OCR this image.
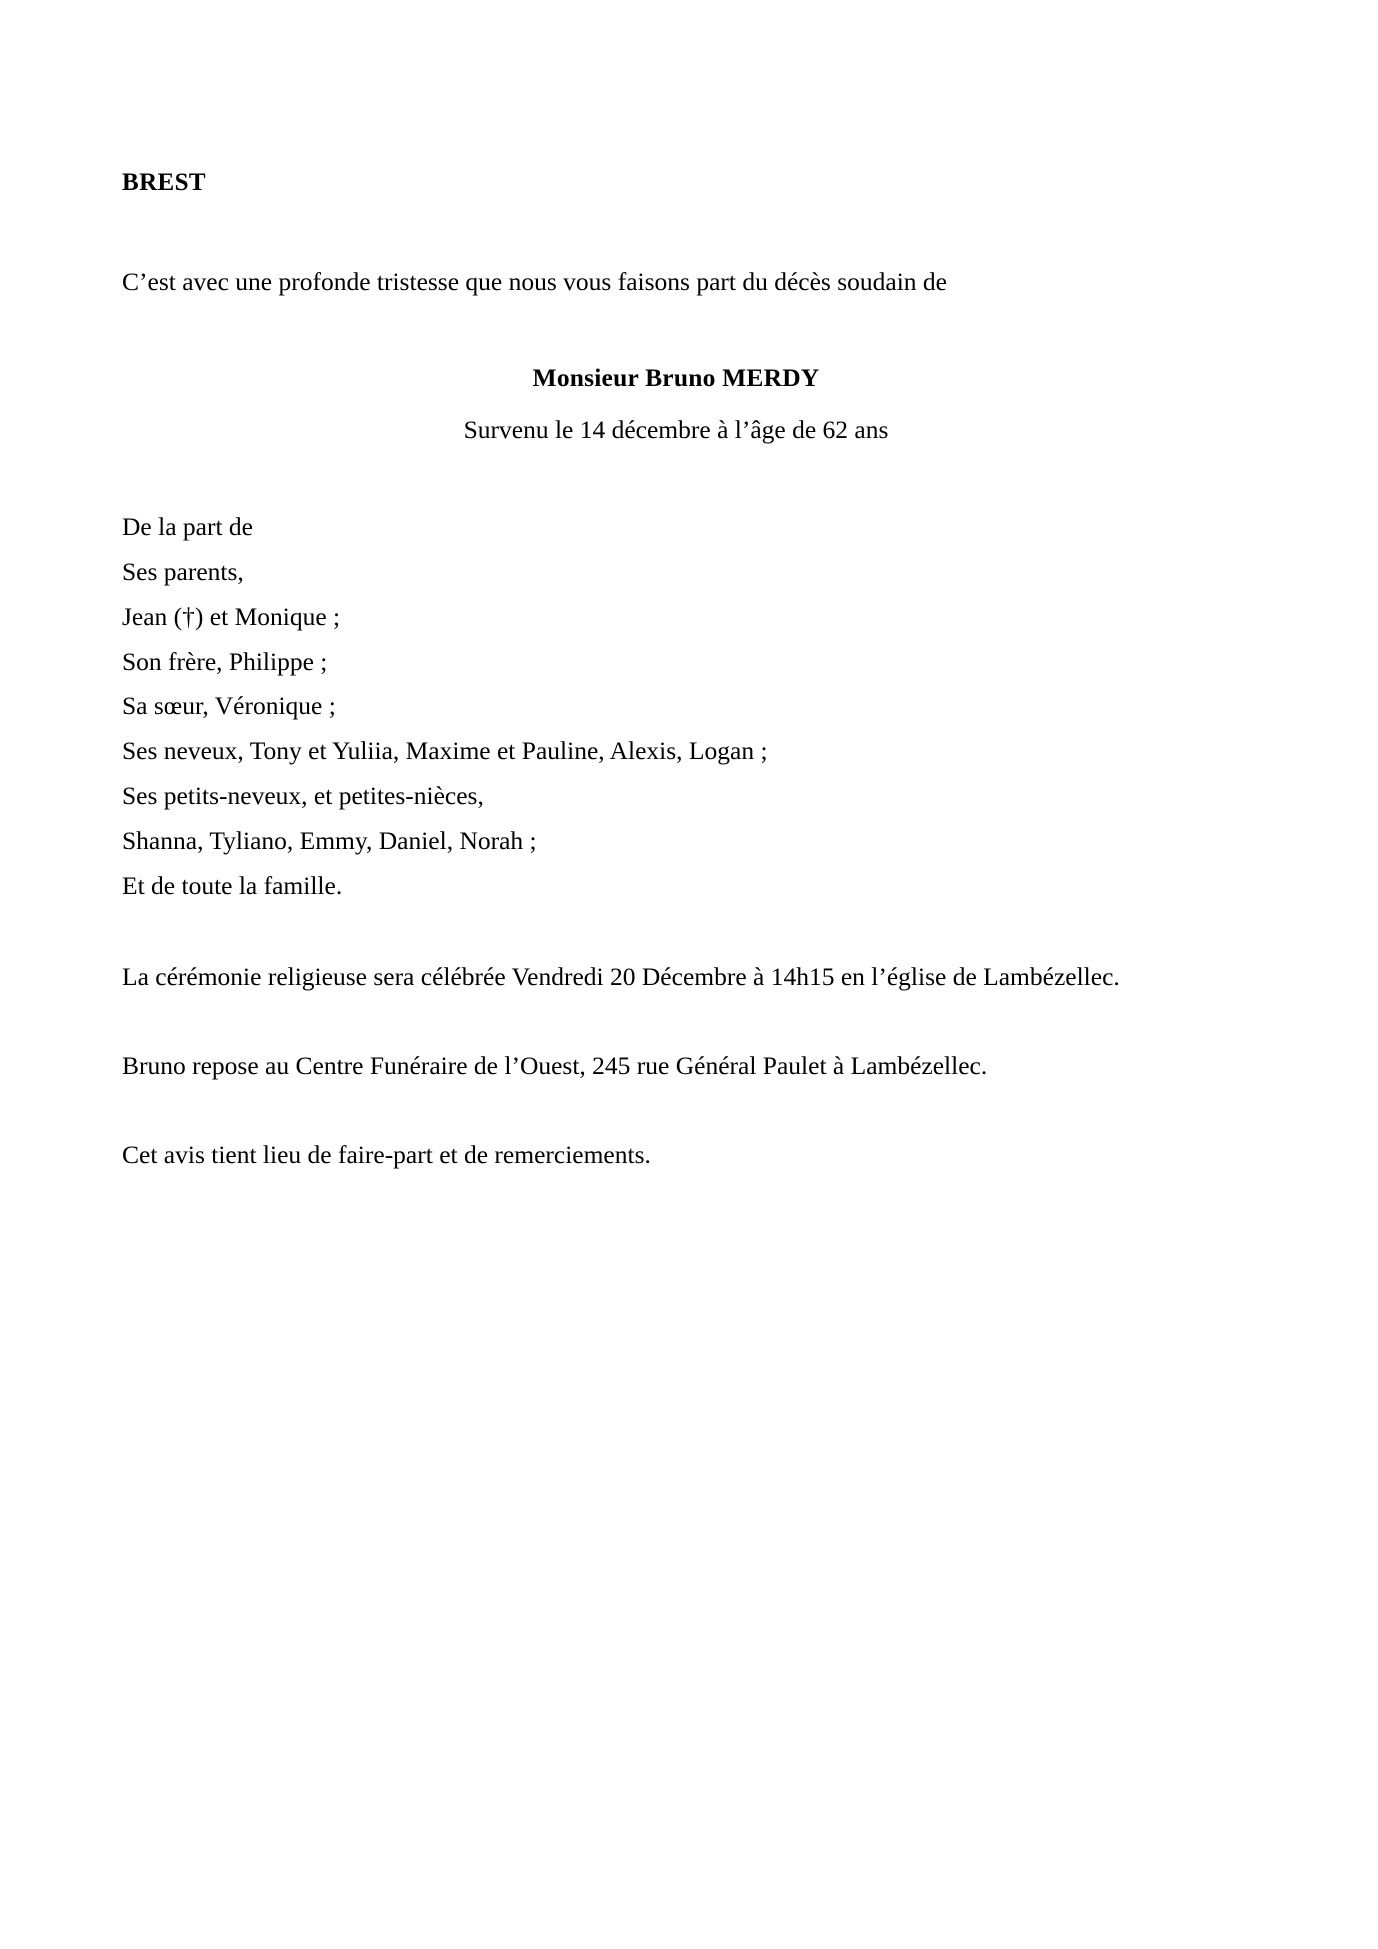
BREST

C’est avec une profonde tristesse que nous vous faisons part du décès soudain de

Monsieur Bruno MERDY

Survenu le 14 décembre à l’âge de 62 ans

De la part de

Ses parents,

Jean (†) et Monique ;

Son frère, Philippe ;

Sa sœur, Véronique ;

Ses neveux, Tony et Yuliia, Maxime et Pauline, Alexis, Logan ;

Ses petits-neveux, et petites-nièces,

Shanna, Tyliano, Emmy, Daniel, Norah ;

Et de toute la famille.

La cérémonie religieuse sera célébrée Vendredi 20 Décembre à 14h15 en l’église de Lambézellec.

Bruno repose au Centre Funéraire de l’Ouest, 245 rue Général Paulet à Lambézellec.

Cet avis tient lieu de faire-part et de remerciements.
